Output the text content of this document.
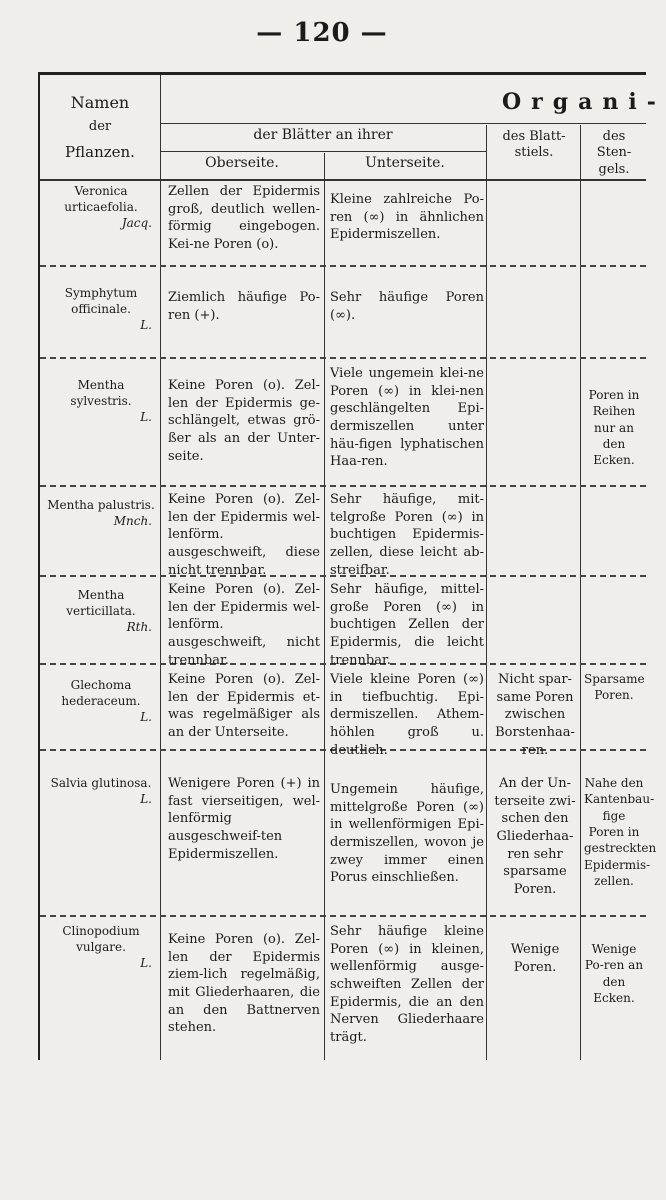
— 120 —
Namen
der
Pflanzen.
Organi-
der Blätter an ihrer
Oberseite.	Unterseite.
des Blatt-stiels.
des Sten-gels.
Veronica urticaefolia.
Jacq.
Zellen der Epidermis groß, deutlich wellen-förmig eingebogen. Kei-ne Poren (o).
Kleine zahlreiche Po-ren (∞) in ähnlichen Epidermiszellen.
Symphytum officinale.
L.
Ziemlich häufige Po-ren (+).
Sehr häufige Poren (∞).
Mentha sylvestris.
L.
Keine Poren (o). Zel-len der Epidermis ge-schlängelt, etwas grö-ßer als an der Unter-seite.
Viele ungemein klei-ne Poren (∞) in klei-nen geschlängelten Epi-dermiszellen unter häu-figen lyphatischen Haa-ren.
Poren in Reihen nur an den Ecken.
Mentha palustris.
Mnch.
Keine Poren (o). Zel-len der Epidermis wel-lenförm. ausgeschweift, diese nicht trennbar.
Sehr häufige, mit-telgroße Poren (∞) in buchtigen Epidermis-zellen, diese leicht ab-streifbar.
Mentha verticillata.
Rth.
Keine Poren (o). Zel-len der Epidermis wel-lenförm. ausgeschweift, nicht trennbar.
Sehr häufige, mittel-große Poren (∞) in buchtigen Zellen der Epidermis, die leicht trennbar.
Glechoma hederaceum.
L.
Keine Poren (o). Zel-len der Epidermis et-was regelmäßiger als an der Unterseite.
Viele kleine Poren (∞) in tiefbuchtig. Epi-dermiszellen. Athem-höhlen groß u. deutlich.
Nicht spar-same Poren zwischen Borstenhaa-ren.
Sparsame Poren.
Salvia glutinosa.
L.
Wenigere Poren (+) in fast vierseitigen, wel-lenförmig ausgeschweif-ten Epidermiszellen.
Ungemein häufige, mittelgroße Poren (∞) in wellenförmigen Epi-dermiszellen, wovon je zwey immer einen Porus einschließen.
An der Un-terseite zwi-schen den Gliederhaa-ren sehr sparsame Poren.
Nahe den Kantenbau-fige Poren in gestreckten Epidermis-zellen.
Clinopodium vulgare.
L.
Keine Poren (o). Zel-len der Epidermis ziem-lich regelmäßig, mit Gliederhaaren, die an den Battnerven stehen.
Sehr häufige kleine Poren (∞) in kleinen, wellenförmig ausge-schweiften Zellen der Epidermis, die an den Nerven Gliederhaare trägt.
Wenige Poren.
Wenige Po-ren an den Ecken.
